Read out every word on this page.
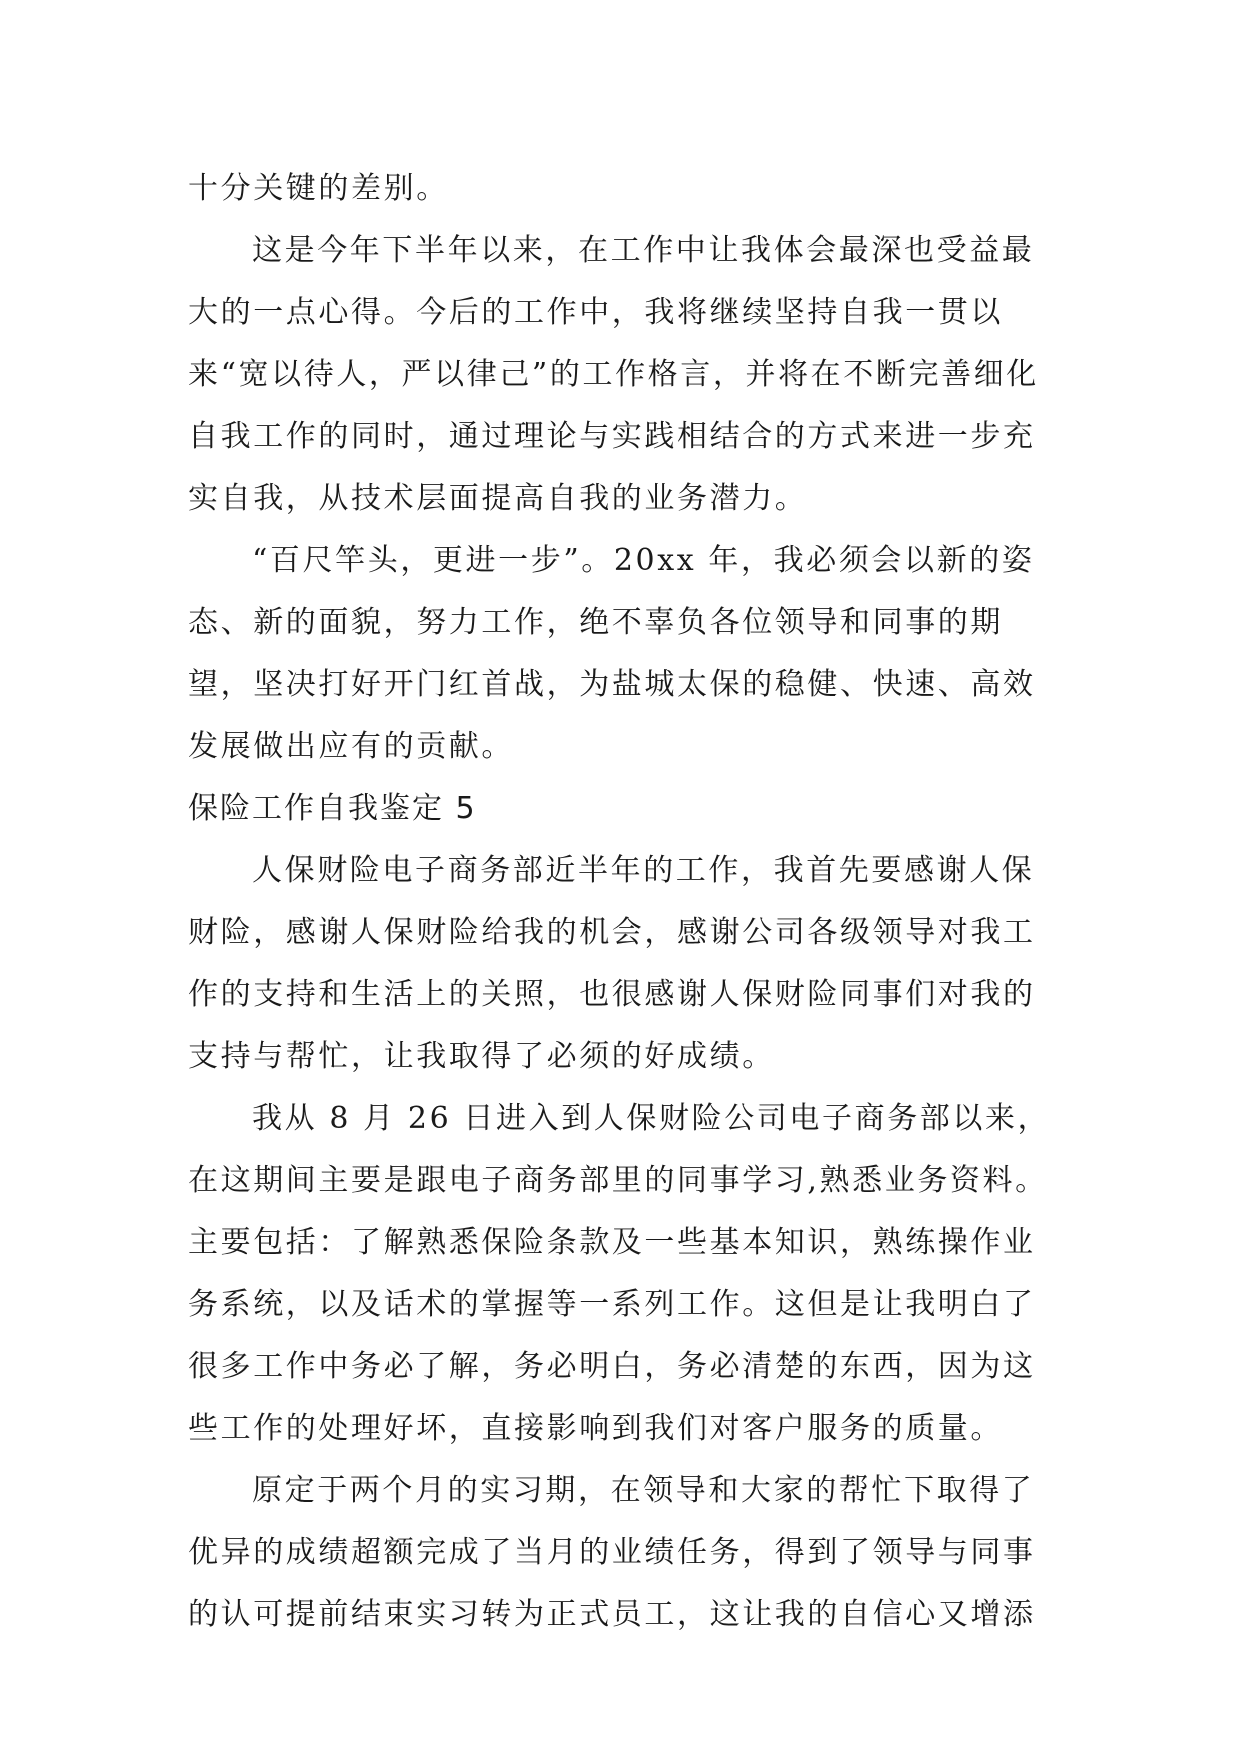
十分关键的差别。

这是今年下半年以来，在工作中让我体会最深也受益最大的一点心得。今后的工作中，我将继续坚持自我一贯以来“宽以待人，严以律己”的工作格言，并将在不断完善细化自我工作的同时，通过理论与实践相结合的方式来进一步充实自我，从技术层面提高自我的业务潜力。

“百尺竿头，更进一步”。20xx 年，我必须会以新的姿态、新的面貌，努力工作，绝不辜负各位领导和同事的期望，坚决打好开门红首战，为盐城太保的稳健、快速、高效发展做出应有的贡献。

保险工作自我鉴定 5

人保财险电子商务部近半年的工作，我首先要感谢人保财险，感谢人保财险给我的机会，感谢公司各级领导对我工作的支持和生活上的关照，也很感谢人保财险同事们对我的支持与帮忙，让我取得了必须的好成绩。

我从 8 月 26 日进入到人保财险公司电子商务部以来，在这期间主要是跟电子商务部里的同事学习,熟悉业务资料。主要包括：了解熟悉保险条款及一些基本知识，熟练操作业务系统，以及话术的掌握等一系列工作。这但是让我明白了很多工作中务必了解，务必明白，务必清楚的东西，因为这些工作的处理好坏，直接影响到我们对客户服务的质量。

原定于两个月的实习期，在领导和大家的帮忙下取得了优异的成绩超额完成了当月的业绩任务，得到了领导与同事的认可提前结束实习转为正式员工，这让我的自信心又增添
